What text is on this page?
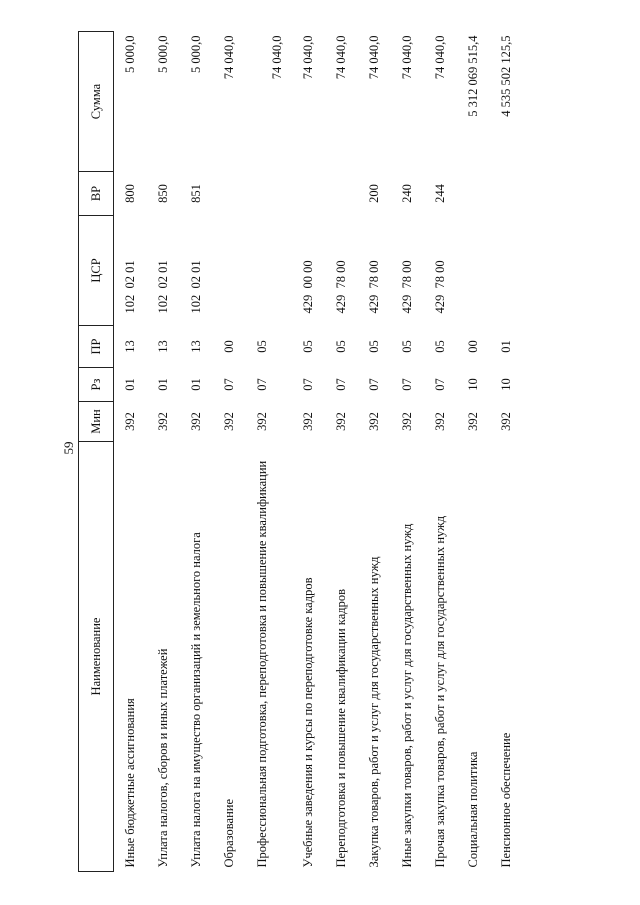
59
Наименование	Мин	Рз	ПР	ЦСР	ВР	Сумма
Иные бюджетные ассигнования	392	01	13	102  02 01	800	5 000,0
Уплата налогов, сборов и иных платежей	392	01	13	102  02 01	850	5 000,0
Уплата налога на имущество организаций и земельного налога	392	01	13	102  02 01	851	5 000,0
Образование	392	07	00			74 040,0
Профессиональная подготовка, переподготовка и повышение квалификации	392	07	05			74 040,0
Учебные заведения и курсы по переподготовке кадров	392	07	05	429  00 00		74 040,0
Переподготовка и повышение квалификации кадров	392	07	05	429  78 00		74 040,0
Закупка товаров, работ и услуг для государственных нужд	392	07	05	429  78 00	200	74 040,0
Иные закупки товаров, работ и услуг для государственных нужд	392	07	05	429  78 00	240	74 040,0
Прочая закупка товаров, работ и услуг для государственных нужд	392	07	05	429  78 00	244	74 040,0
Социальная политика	392	10	00			5 312 069 515,4
Пенсионное обеспечение	392	10	01			4 535 502 125,5
